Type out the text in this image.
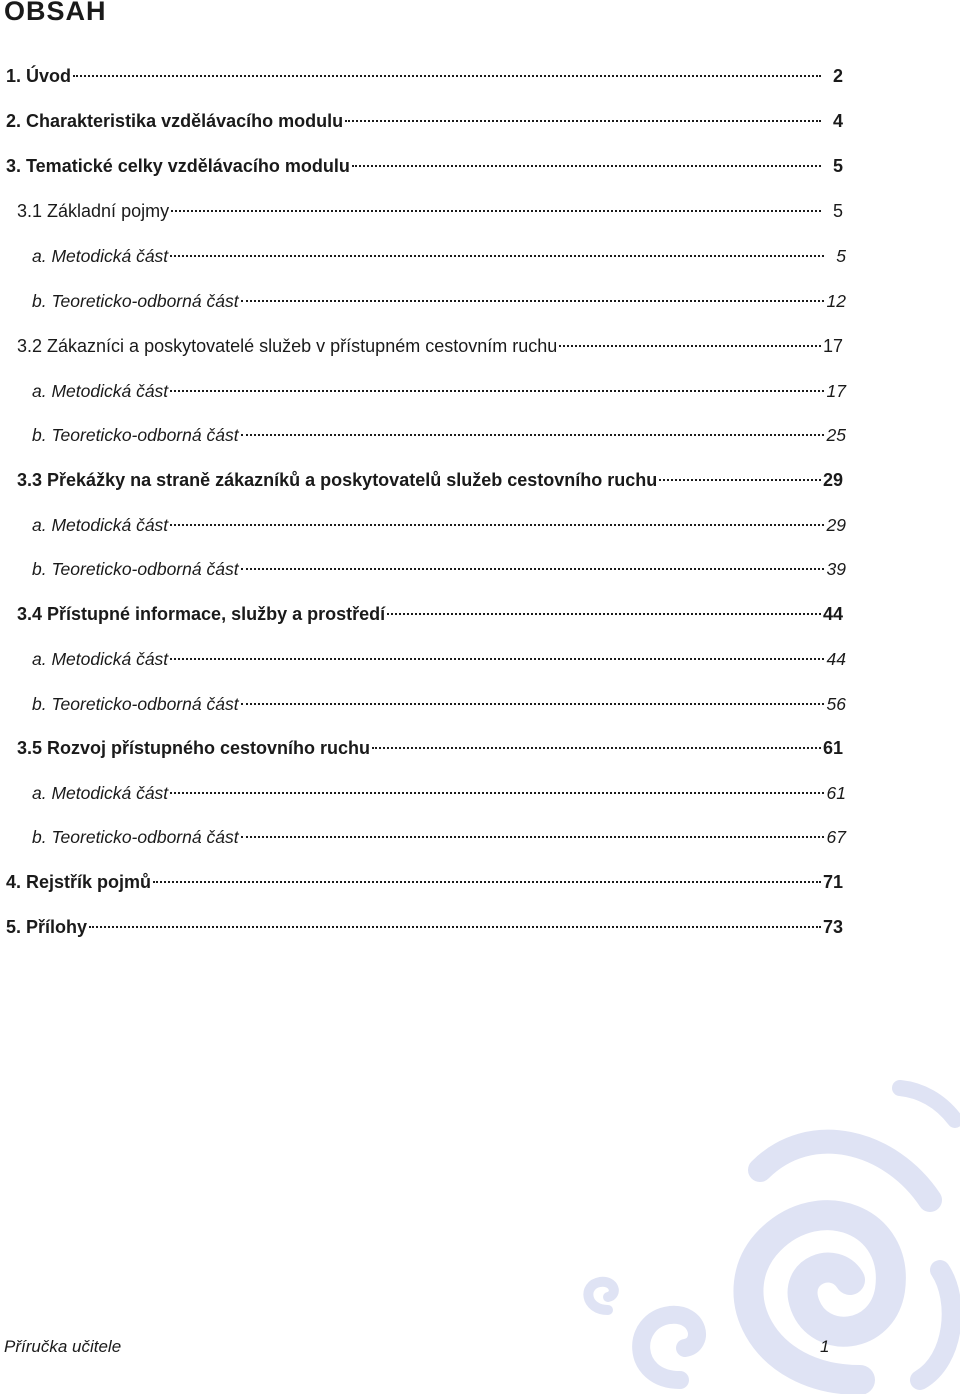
OBSAH
1. Úvod	2
2. Charakteristika vzdělávacího modulu	4
3. Tematické celky vzdělávacího modulu	5
3.1 Základní pojmy	5
a. Metodická část	5
b. Teoreticko-odborná část	12
3.2 Zákazníci a poskytovatelé služeb v přístupném cestovním ruchu	17
a. Metodická část	17
b. Teoreticko-odborná část	25
3.3 Překážky na straně zákazníků a poskytovatelů služeb cestovního ruchu	29
a. Metodická část	29
b. Teoreticko-odborná část	39
3.4 Přístupné informace, služby a prostředí	44
a. Metodická část	44
b. Teoreticko-odborná část	56
3.5 Rozvoj přístupného cestovního ruchu	61
a. Metodická část	61
b. Teoreticko-odborná část	67
4. Rejstřík pojmů	71
5. Přílohy	73
Příručka učitele	1
